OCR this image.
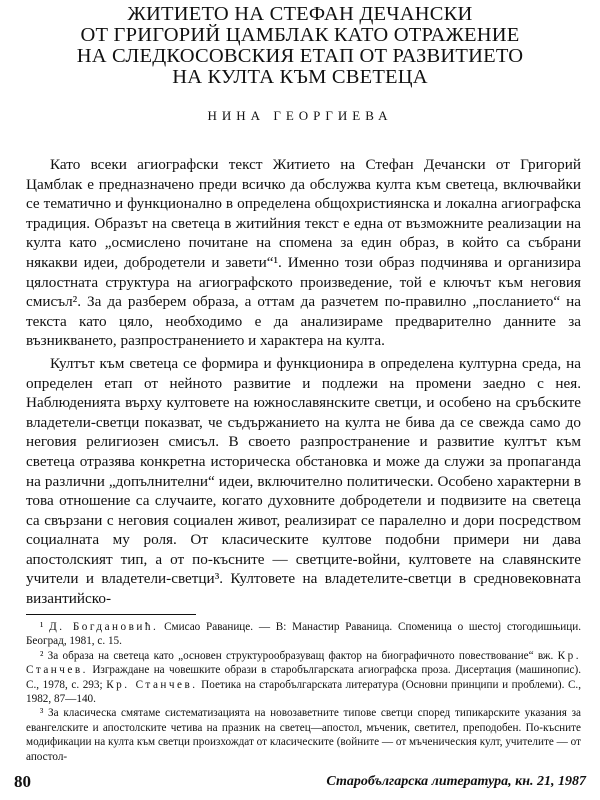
ЖИТИЕТО НА СТЕФАН ДЕЧАНСКИ
ОТ ГРИГОРИЙ ЦАМБЛАК КАТО ОТРАЖЕНИЕ
НА СЛЕДКОСОВСКИЯ ЕТАП ОТ РАЗВИТИЕТО
НА КУЛТА КЪМ СВЕТЕЦА
НИНА ГЕОРГИЕВА

Като всеки агиографски текст Житието на Стефан Дечански от Григорий Цамблак е предназначено преди всичко да обслужва култа към светеца, включвайки се тематично и функционално в определена общохристиянска и локална агиографска традиция. Образът на светеца в житийния текст е една от възможните реализации на култа като „осмислено почитане на спомена за един образ, в който са събрани някакви идеи, добродетели и завети“¹. Именно този образ подчинява и организира цялостната структура на агиографското произведение, той е ключът към неговия смисъл². За да разберем образа, а оттам да разчетем по-правилно „посланието“ на текста като цяло, необходимо е да анализираме предварително данните за възникването, разпространението и характера на култа.

Култът към светеца се формира и функционира в определена културна среда, на определен етап от нейното развитие и подлежи на промени заедно с нея. Наблюденията върху култовете на южнославянските светци, и особено на сръбските владетели-светци показват, че съдържанието на култа не бива да се свежда само до неговия религиозен смисъл. В своето разпространение и развитие култът към светеца отразява конкретна историческа обстановка и може да служи за пропаганда на различни „допълнителни“ идеи, включително политически. Особено характерни в това отношение са случаите, когато духовните добродетели и подвизите на светеца са свързани с неговия социален живот, реализират се паралелно и дори посредством социалната му роля. От класическите култове подобни примери ни дава апостолският тип, а от по-късните — светците-войни, култовете на славянските учители и владетели-светци³. Култовете на владетелите-светци в средновековната византийско-

¹ Д. Богдановић. Смисао Раванице. — В: Манастир Раваница. Споменица о шестој стогодишњици. Београд, 1981, с. 15.

² За образа на светеца като „основен структурообразуващ фактор на биографичното повествование“ вж. Кр. Станчев. Изграждане на човешките образи в старобългарската агиографска проза. Дисертация (машинопис). С., 1978, с. 293; Кр. Станчев. Поетика на старобългарската литература (Основни принципи и проблеми). С., 1982, 87—140.

³ За класическа смятаме систематизацията на новозаветните типове светци според типикарските указания за евангелските и апостолските четива на празник на светец—апостол, мъченик, светител, преподобен. По-късните модификации на култа към светци произхождат от класическите (войните — от мъченическия култ, учителите — от апостол-

80	Старобългарска литература, кн. 21, 1987
